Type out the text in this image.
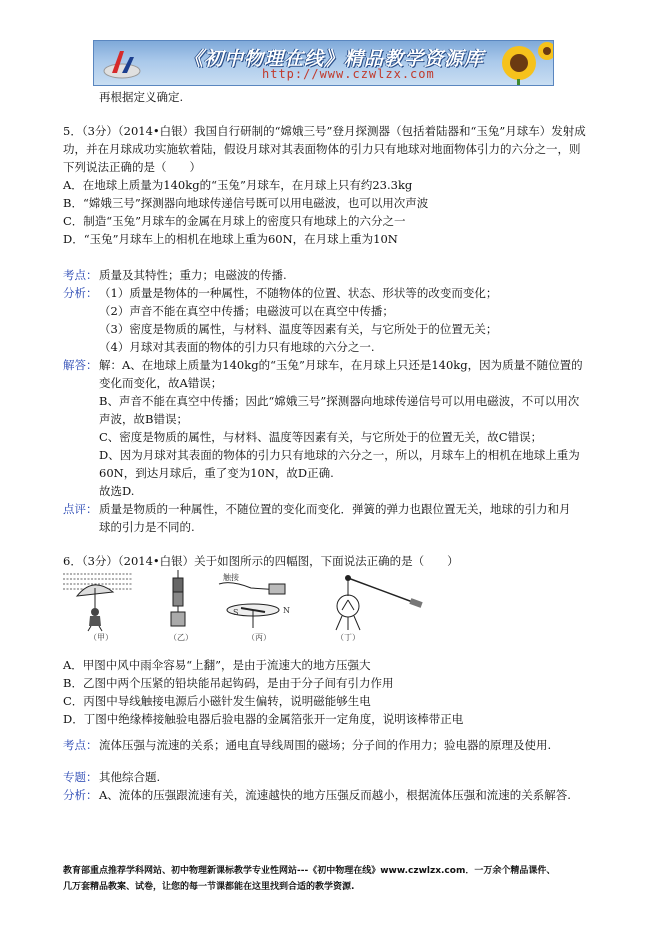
《初中物理在线》精品教学资源库
http://www.czwlzx.com
再根据定义确定.
5．（3分）（2014•白银）我国自行研制的“嫦娥三号”登月探测器（包括着陆器和“玉兔”月球车）发射成
功，并在月球成功实施软着陆，假设月球对其表面物体的引力只有地球对地面物体引力的六分之一，则
下列说法正确的是（　　）
A．在地球上质量为140kg的“玉兔”月球车，在月球上只有约23.3kg
B．“嫦娥三号”探测器向地球传递信号既可以用电磁波，也可以用次声波
C．制造“玉兔”月球车的金属在月球上的密度只有地球上的六分之一
D．“玉兔”月球车上的相机在地球上重为60N，在月球上重为10N
考点： 质量及其特性；重力；电磁波的传播.
分析： （1）质量是物体的一种属性，不随物体的位置、状态、形状等的改变而变化；
（2）声音不能在真空中传播；电磁波可以在真空中传播；
（3）密度是物质的属性，与材料、温度等因素有关，与它所处于的位置无关；
（4）月球对其表面的物体的引力只有地球的六分之一.
解答： 解：A、在地球上质量为140kg的“玉兔”月球车，在月球上只还是140kg，因为质量不随位置的
变化而变化，故A错误；
B、声音不能在真空中传播；因此“嫦娥三号”探测器向地球传递信号可以用电磁波，不可以用次
声波，故B错误；
C、密度是物质的属性，与材料、温度等因素有关，与它所处于的位置无关，故C错误；
D、因为月球对其表面的物体的引力只有地球的六分之一，所以，月球车上的相机在地球上重为
60N，到达月球后，重了变为10N，故D正确.
故选D.
点评： 质量是物质的一种属性，不随位置的变化而变化．弹簧的弹力也跟位置无关，地球的引力和月
球的引力是不同的.
6．（3分）（2014•白银）关于如图所示的四幅图，下面说法正确的是（　　）
（甲）	（乙）
触接
S	N
（丙）	（丁）
A．甲图中风中雨伞容易“上翻”，是由于流速大的地方压强大
B．乙图中两个压紧的铅块能吊起钩码，是由于分子间有引力作用
C．丙图中导线触接电源后小磁针发生偏转，说明磁能够生电
D．丁图中绝缘棒接触验电器后验电器的金属箔张开一定角度，说明该棒带正电
考点： 流体压强与流速的关系；通电直导线周围的磁场；分子间的作用力；验电器的原理及使用.
专题： 其他综合题.
分析： A、流体的压强跟流速有关，流速越快的地方压强反而越小，根据流体压强和流速的关系解答.
教育部重点推荐学科网站、初中物理新课标教学专业性网站---《初中物理在线》www.czwlzx.com．一万余个精品课件、
几万套精品教案、试卷，让您的每一节课都能在这里找到合适的教学资源.
